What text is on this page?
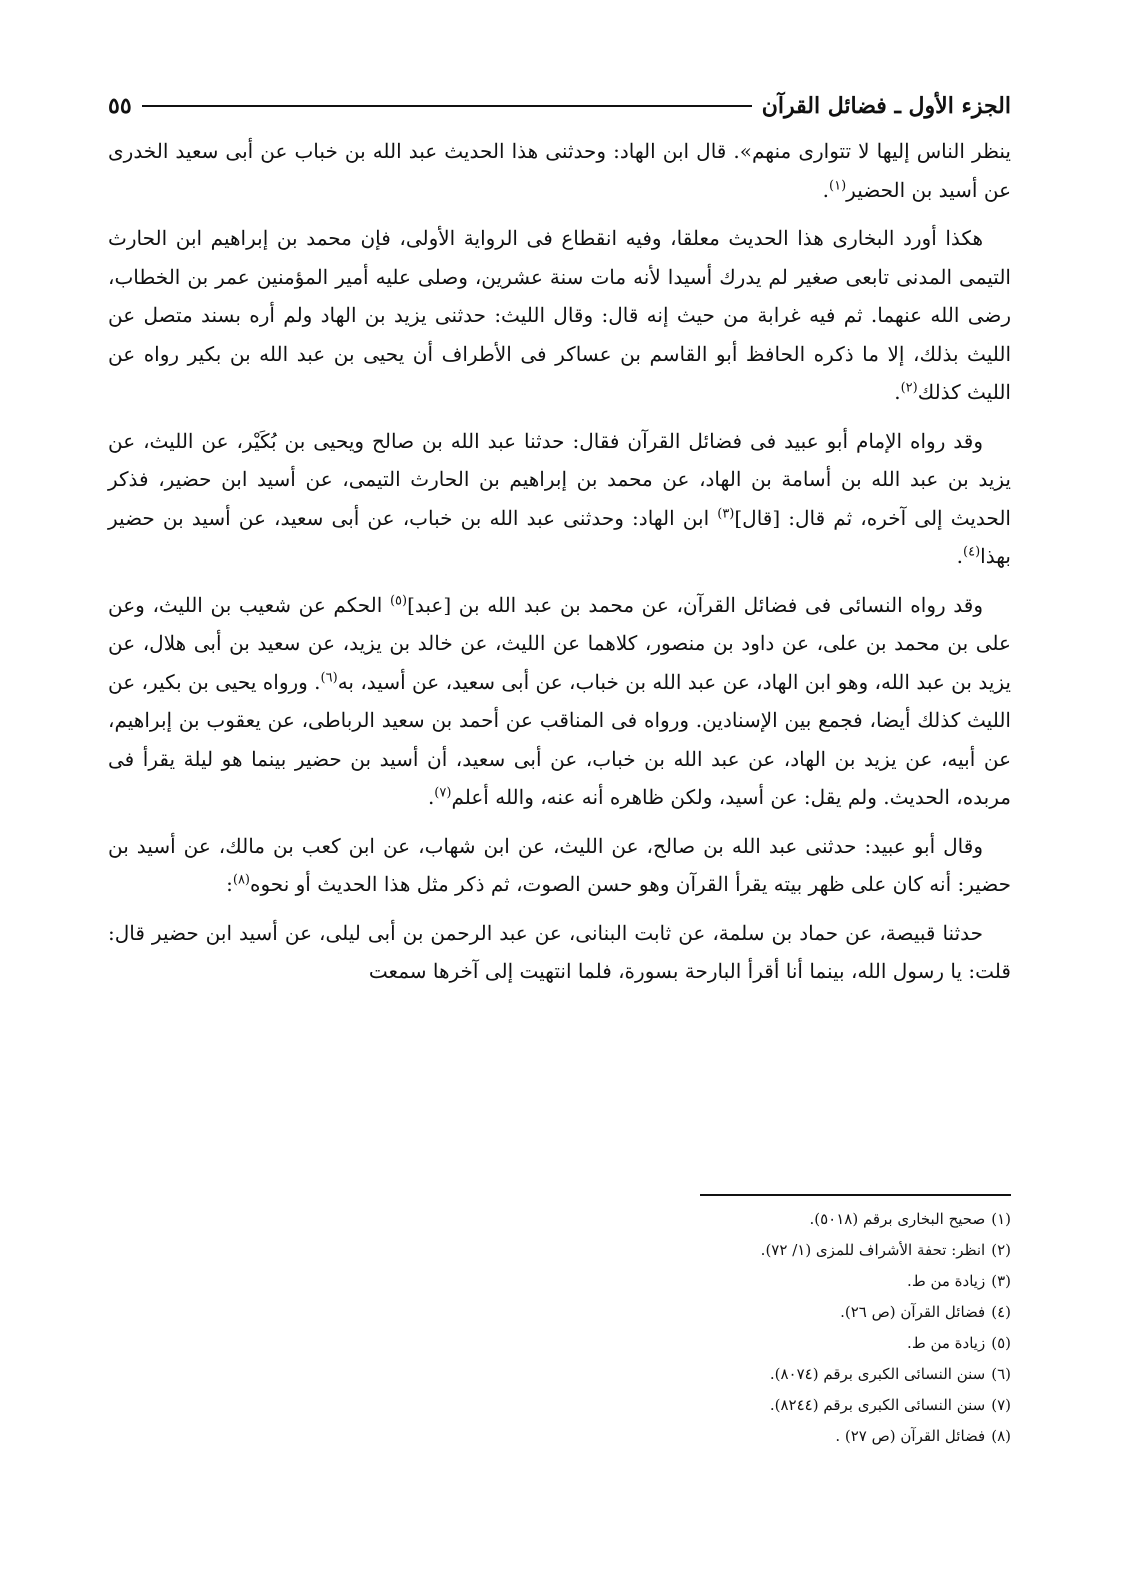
الجزء الأول ـ فضائل القرآن
٥٥

ينظر الناس إليها لا تتوارى منهم». قال ابن الهاد: وحدثنى هذا الحديث عبد الله بن خباب عن أبى سعيد الخدرى عن أسيد بن الحضير$^{(١)}$.

هكذا أورد البخارى هذا الحديث معلقا، وفيه انقطاع فى الرواية الأولى، فإن محمد بن إبراهيم ابن الحارث التيمى المدنى تابعى صغير لم يدرك أسيدا لأنه مات سنة عشرين، وصلى عليه أمير المؤمنين عمر بن الخطاب، رضى الله عنهما. ثم فيه غرابة من حيث إنه قال: وقال الليث: حدثنى يزيد بن الهاد ولم أره بسند متصل عن الليث بذلك، إلا ما ذكره الحافظ أبو القاسم بن عساكر فى الأطراف أن يحيى بن عبد الله بن بكير رواه عن الليث كذلك$^{(٢)}$.

وقد رواه الإمام أبو عبيد فى فضائل القرآن فقال: حدثنا عبد الله بن صالح ويحيى بن بُكَيْر، عن الليث، عن يزيد بن عبد الله بن أسامة بن الهاد، عن محمد بن إبراهيم بن الحارث التيمى، عن أسيد ابن حضير، فذكر الحديث إلى آخره، ثم قال: [قال]$^{(٣)}$ ابن الهاد: وحدثنى عبد الله بن خباب، عن أبى سعيد، عن أسيد بن حضير بهذا$^{(٤)}$.

وقد رواه النسائى فى فضائل القرآن، عن محمد بن عبد الله بن [عبد]$^{(٥)}$ الحكم عن شعيب بن الليث، وعن على بن محمد بن على، عن داود بن منصور، كلاهما عن الليث، عن خالد بن يزيد، عن سعيد بن أبى هلال، عن يزيد بن عبد الله، وهو ابن الهاد، عن عبد الله بن خباب، عن أبى سعيد، عن أسيد، به$^{(٦)}$. ورواه يحيى بن بكير، عن الليث كذلك أيضا، فجمع بين الإسنادين. ورواه فى المناقب عن أحمد بن سعيد الرباطى، عن يعقوب بن إبراهيم، عن أبيه، عن يزيد بن الهاد، عن عبد الله بن خباب، عن أبى سعيد، أن أسيد بن حضير بينما هو ليلة يقرأ فى مربده، الحديث. ولم يقل: عن أسيد، ولكن ظاهره أنه عنه، والله أعلم$^{(٧)}$.

وقال أبو عبيد: حدثنى عبد الله بن صالح، عن الليث، عن ابن شهاب، عن ابن كعب بن مالك، عن أسيد بن حضير: أنه كان على ظهر بيته يقرأ القرآن وهو حسن الصوت، ثم ذكر مثل هذا الحديث أو نحوه$^{(٨)}$:

حدثنا قبيصة، عن حماد بن سلمة، عن ثابت البنانى، عن عبد الرحمن بن أبى ليلى، عن أسيد ابن حضير قال: قلت: يا رسول الله، بينما أنا أقرأ البارحة بسورة، فلما انتهيت إلى آخرها سمعت

(١)صحيح البخارى برقم (٥٠١٨).
(٢)انظر: تحفة الأشراف للمزى (١/ ٧٢).
(٣)زيادة من ط.
(٤)فضائل القرآن (ص ٢٦).
(٥)زيادة من ط.
(٦)سنن النسائى الكبرى برقم (٨٠٧٤).
(٧)سنن النسائى الكبرى برقم (٨٢٤٤).
(٨)فضائل القرآن (ص ٢٧) .
